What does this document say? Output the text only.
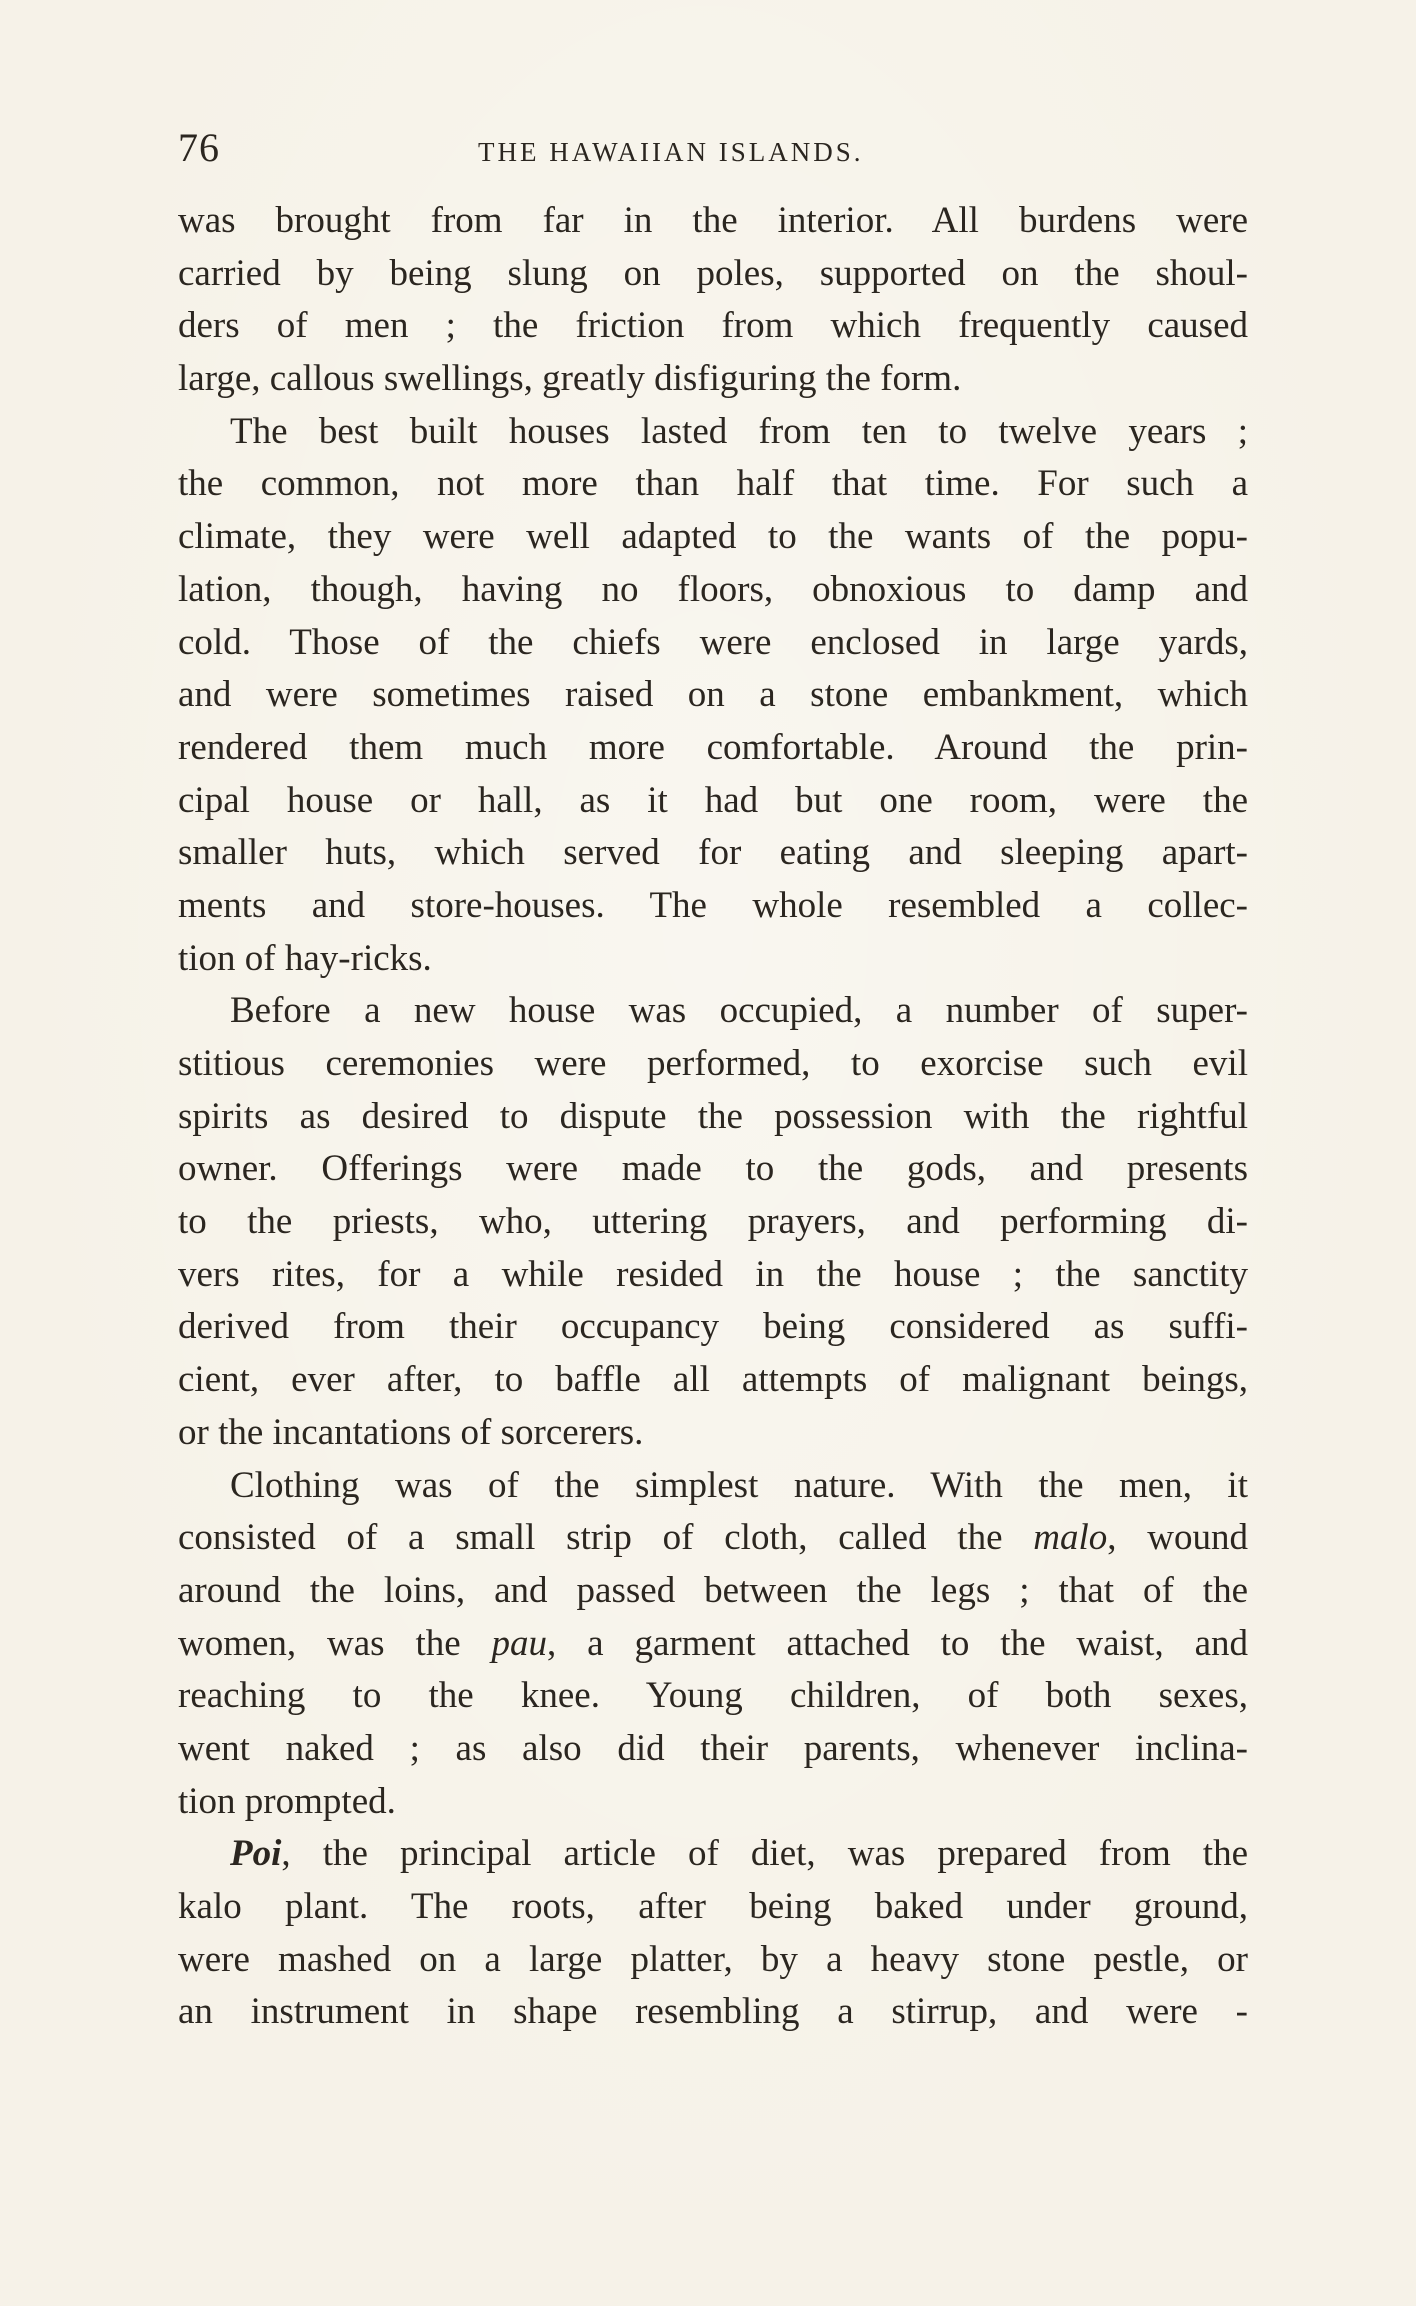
76	THE HAWAIIAN ISLANDS.
was brought from far in the interior. All burdens were
carried by being slung on poles, supported on the shoul-
ders of men ; the friction from which frequently caused
large, callous swellings, greatly disfiguring the form.
The best built houses lasted from ten to twelve years ;
the common, not more than half that time. For such a
climate, they were well adapted to the wants of the popu-
lation, though, having no floors, obnoxious to damp and
cold. Those of the chiefs were enclosed in large yards,
and were sometimes raised on a stone embankment, which
rendered them much more comfortable. Around the prin-
cipal house or hall, as it had but one room, were the
smaller huts, which served for eating and sleeping apart-
ments and store-houses. The whole resembled a collec-
tion of hay-ricks.
Before a new house was occupied, a number of super-
stitious ceremonies were performed, to exorcise such evil
spirits as desired to dispute the possession with the rightful
owner. Offerings were made to the gods, and presents
to the priests, who, uttering prayers, and performing di-
vers rites, for a while resided in the house ; the sanctity
derived from their occupancy being considered as suffi-
cient, ever after, to baffle all attempts of malignant beings,
or the incantations of sorcerers.
Clothing was of the simplest nature. With the men, it
consisted of a small strip of cloth, called the malo, wound
around the loins, and passed between the legs ; that of the
women, was the pau, a garment attached to the waist, and
reaching to the knee. Young children, of both sexes,
went naked ; as also did their parents, whenever inclina-
tion prompted.
Poi, the principal article of diet, was prepared from the
kalo plant. The roots, after being baked under ground,
were mashed on a large platter, by a heavy stone pestle, or
an instrument in shape resembling a stirrup, and were -
